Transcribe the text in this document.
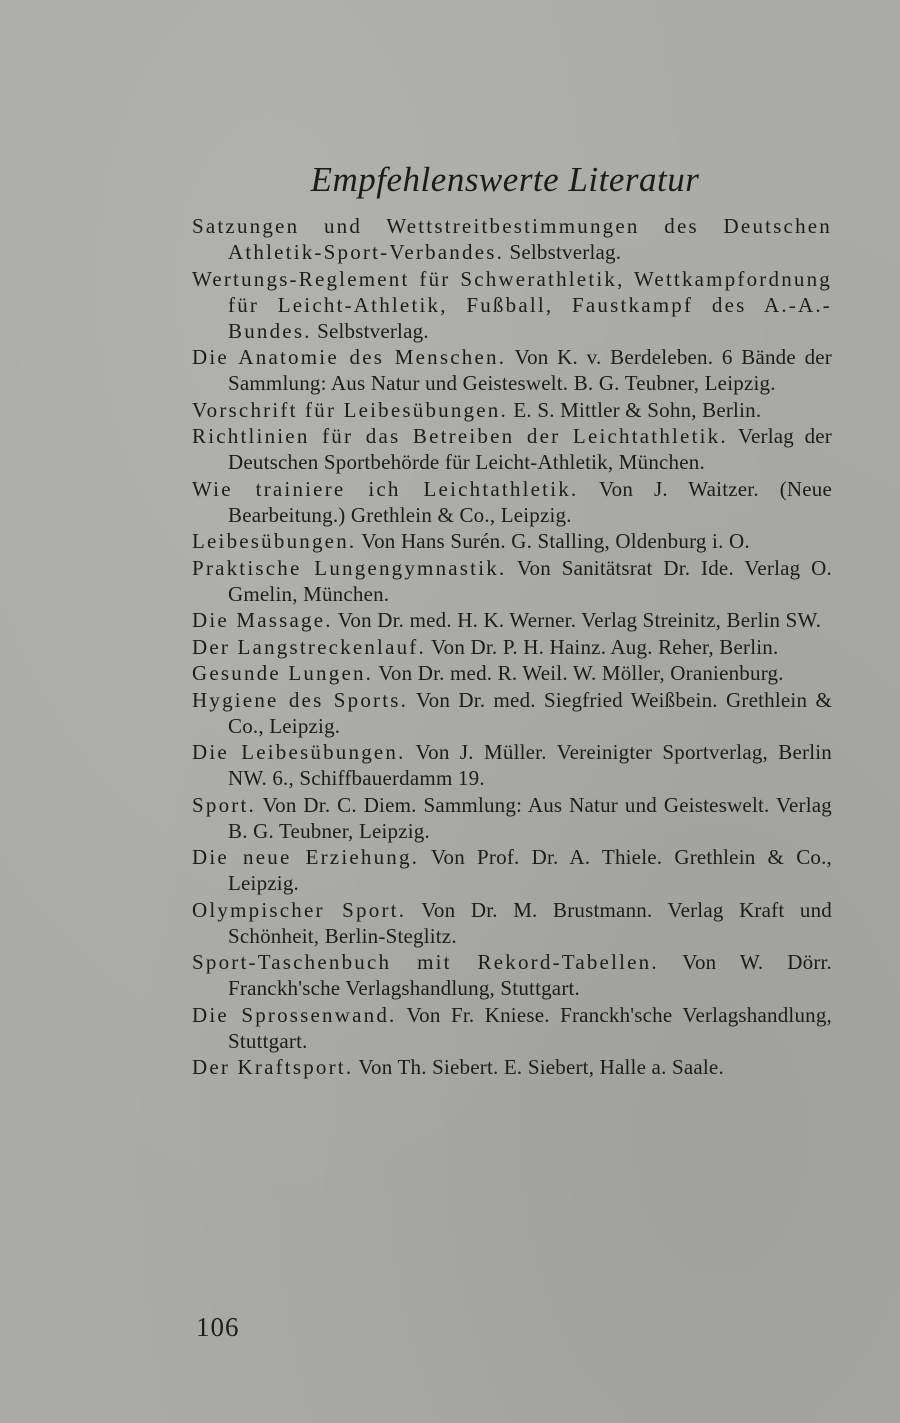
Empfehlenswerte Literatur

Satzungen und Wettstreitbestimmungen des Deutschen Athletik-Sport-Verbandes. Selbstverlag.

Wertungs-Reglement für Schwerathletik, Wettkampfordnung für Leicht-Athletik, Fußball, Faustkampf des A.-A.-Bundes. Selbstverlag.

Die Anatomie des Menschen. Von K. v. Berdeleben. 6 Bände der Sammlung: Aus Natur und Geisteswelt. B. G. Teubner, Leipzig.

Vorschrift für Leibesübungen. E. S. Mittler & Sohn, Berlin.

Richtlinien für das Betreiben der Leichtathletik. Verlag der Deutschen Sportbehörde für Leicht-Athletik, München.

Wie trainiere ich Leichtathletik. Von J. Waitzer. (Neue Bearbeitung.) Grethlein & Co., Leipzig.

Leibesübungen. Von Hans Surén. G. Stalling, Oldenburg i. O.

Praktische Lungengymnastik. Von Sanitätsrat Dr. Ide. Verlag O. Gmelin, München.

Die Massage. Von Dr. med. H. K. Werner. Verlag Streinitz, Berlin SW.

Der Langstreckenlauf. Von Dr. P. H. Hainz. Aug. Reher, Berlin.

Gesunde Lungen. Von Dr. med. R. Weil. W. Möller, Oranienburg.

Hygiene des Sports. Von Dr. med. Siegfried Weißbein. Grethlein & Co., Leipzig.

Die Leibesübungen. Von J. Müller. Vereinigter Sportverlag, Berlin NW. 6., Schiffbauerdamm 19.

Sport. Von Dr. C. Diem. Sammlung: Aus Natur und Geisteswelt. Verlag B. G. Teubner, Leipzig.

Die neue Erziehung. Von Prof. Dr. A. Thiele. Grethlein & Co., Leipzig.

Olympischer Sport. Von Dr. M. Brustmann. Verlag Kraft und Schönheit, Berlin-Steglitz.

Sport-Taschenbuch mit Rekord-Tabellen. Von W. Dörr. Franckh'sche Verlagshandlung, Stuttgart.

Die Sprossenwand. Von Fr. Kniese. Franckh'sche Verlagshandlung, Stuttgart.

Der Kraftsport. Von Th. Siebert. E. Siebert, Halle a. Saale.

106
